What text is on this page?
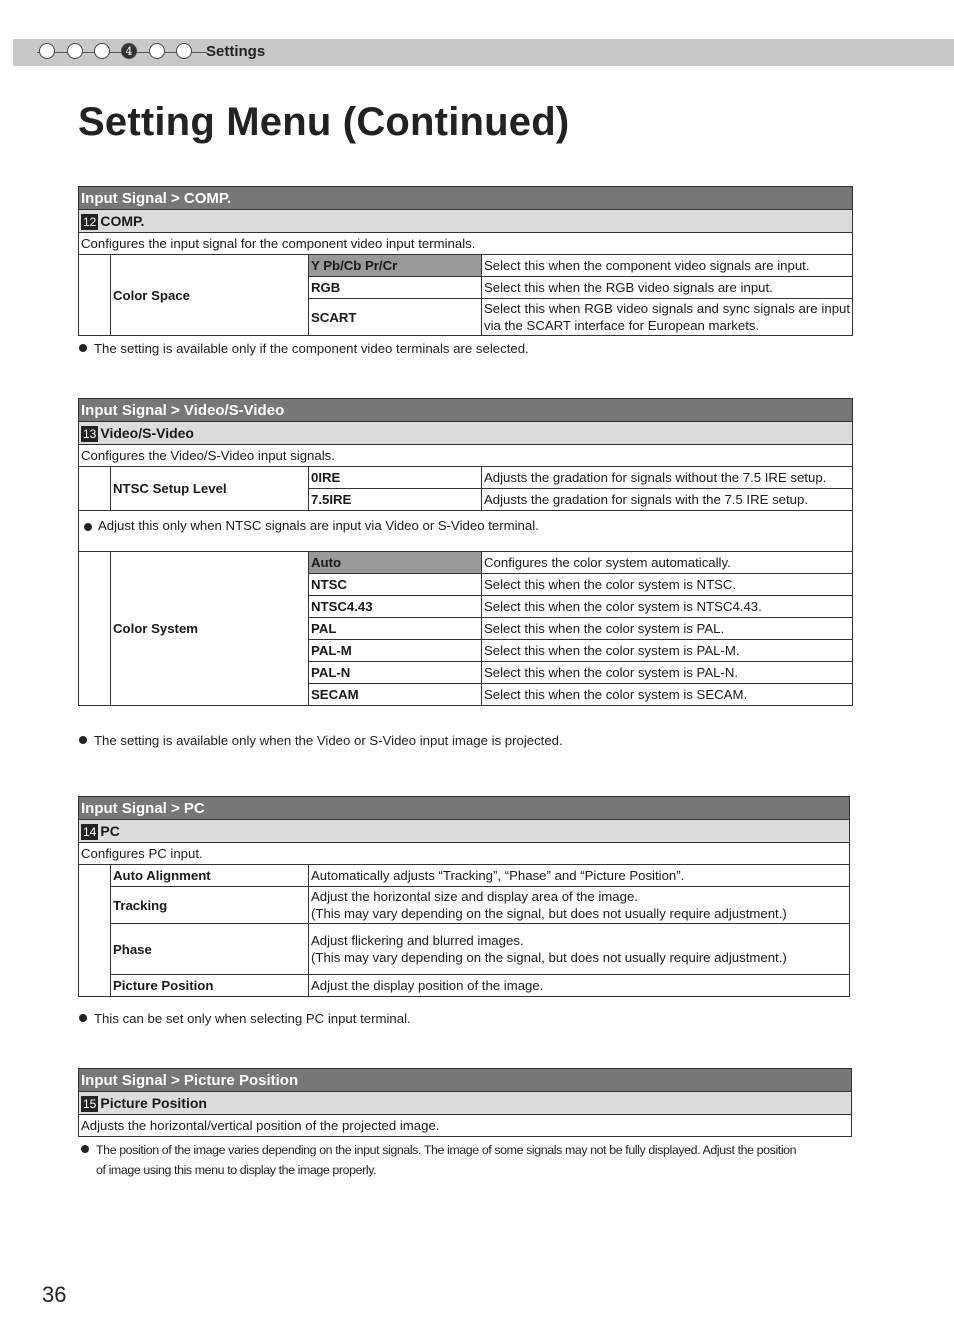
4	Settings
Setting Menu (Continued)
Input Signal > COMP.			
12 COMP.			
Configures the input signal for the component video input terminals.			
	Color Space	Y Pb/Cb Pr/Cr	Select this when the component video signals are input.
		RGB	Select this when the RGB video signals are input.
		SCART	Select this when RGB video signals and sync signals are input via the SCART interface for European markets.
The setting is available only if the component video terminals are selected.
Input Signal > Video/S-Video			
13 Video/S-Video			
Configures the Video/S-Video input signals.			
	NTSC Setup Level	0IRE	Adjusts the gradation for signals without the 7.5 IRE setup.
		7.5IRE	Adjusts the gradation for signals with the 7.5 IRE setup.
Adjust this only when NTSC signals are input via Video or S-Video terminal.			
	Color System	Auto	Configures the color system automatically.
		NTSC	Select this when the color system is NTSC.
		NTSC4.43	Select this when the color system is NTSC4.43.
		PAL	Select this when the color system is PAL.
		PAL-M	Select this when the color system is PAL-M.
		PAL-N	Select this when the color system is PAL-N.
		SECAM	Select this when the color system is SECAM.
The setting is available only when the Video or S-Video input image is projected.
Input Signal > PC		
14 PC		
Configures PC input.		
	Auto Alignment	Automatically adjusts “Tracking”, “Phase” and “Picture Position”.
	Tracking	Adjust the horizontal size and display area of the image.
(This may vary depending on the signal, but does not usually require adjustment.)

	Phase	Adjust flickering and blurred images.
(This may vary depending on the signal, but does not usually require adjustment.)

	Picture Position	Adjust the display position of the image.
This can be set only when selecting PC input terminal.
Input Signal > Picture Position
15 Picture Position
Adjusts the horizontal/vertical position of the projected image.
The position of the image varies depending on the input signals. The image of some signals may not be fully displayed. Adjust the position
of image using this menu to display the image properly.
36
